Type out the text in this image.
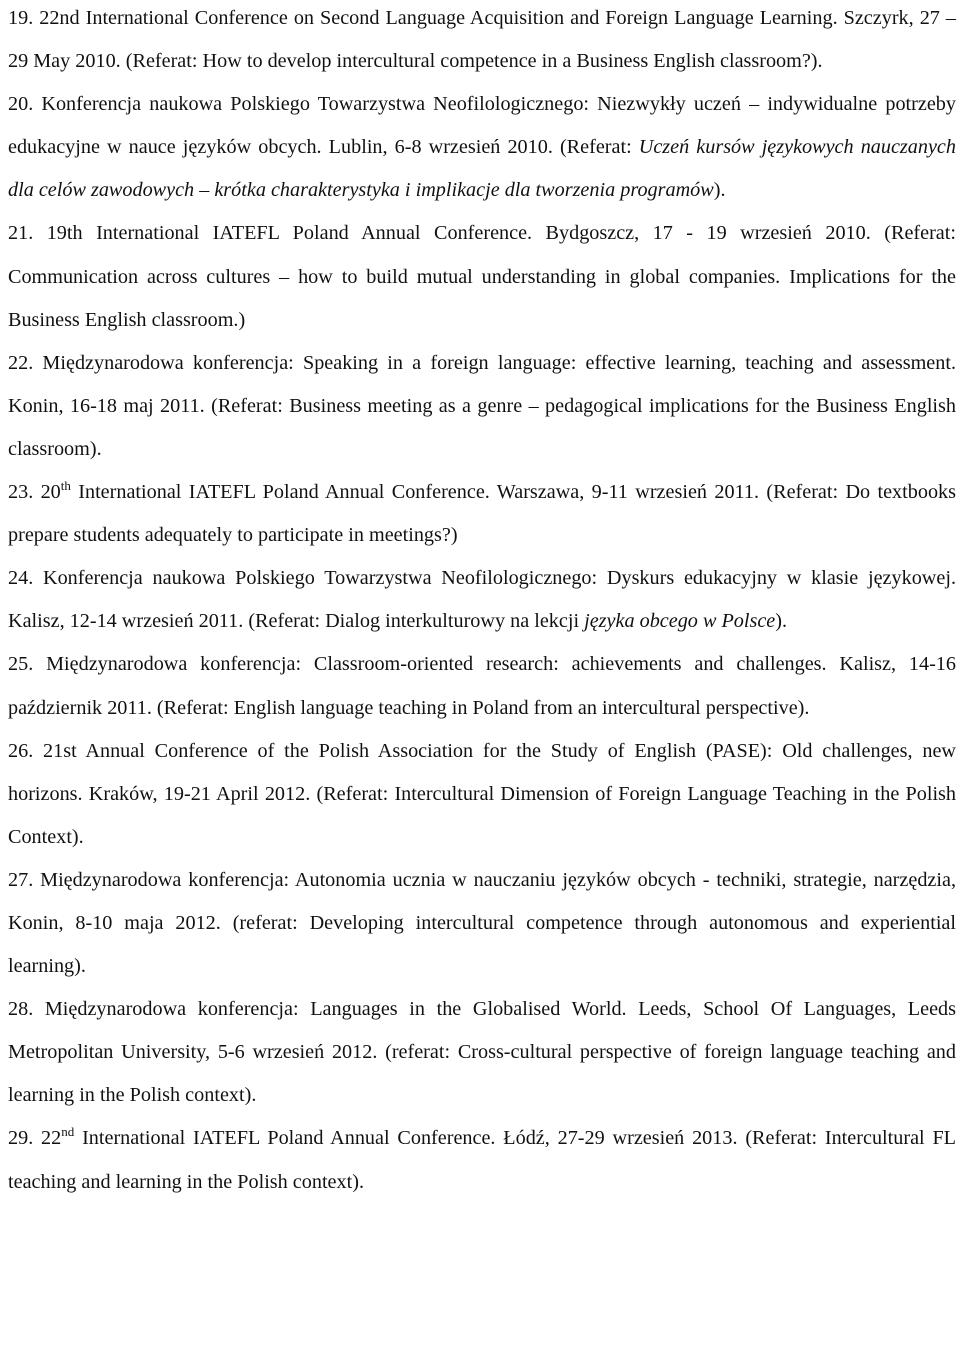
19. 22nd International Conference on Second Language Acquisition and Foreign Language Learning. Szczyrk, 27 – 29 May 2010. (Referat: How to develop intercultural competence in a Business English classroom?).

20. Konferencja naukowa Polskiego Towarzystwa Neofilologicznego: Niezwykły uczeń – indywidualne potrzeby edukacyjne w nauce języków obcych. Lublin, 6-8 wrzesień 2010. (Referat: Uczeń kursów językowych nauczanych dla celów zawodowych – krótka charakterystyka i implikacje dla tworzenia programów).

21. 19th International IATEFL Poland Annual Conference. Bydgoszcz, 17 - 19 wrzesień 2010. (Referat: Communication across cultures – how to build mutual understanding in global companies. Implications for the Business English classroom.)

22. Międzynarodowa konferencja: Speaking in a foreign language: effective learning, teaching and assessment. Konin, 16-18 maj 2011. (Referat: Business meeting as a genre – pedagogical implications for the Business English classroom).

23. 20th International IATEFL Poland Annual Conference. Warszawa, 9-11 wrzesień 2011. (Referat: Do textbooks prepare students adequately to participate in meetings?)

24. Konferencja naukowa Polskiego Towarzystwa Neofilologicznego: Dyskurs edukacyjny w klasie językowej. Kalisz, 12-14 wrzesień 2011. (Referat: Dialog interkulturowy na lekcji języka obcego w Polsce).

25. Międzynarodowa konferencja: Classroom-oriented research: achievements and challenges. Kalisz, 14-16 październik 2011. (Referat: English language teaching in Poland from an intercultural perspective).

26. 21st Annual Conference of the Polish Association for the Study of English (PASE): Old challenges, new horizons. Kraków, 19-21 April 2012. (Referat: Intercultural Dimension of Foreign Language Teaching in the Polish Context).

27. Międzynarodowa konferencja: Autonomia ucznia w nauczaniu języków obcych - techniki, strategie, narzędzia, Konin, 8-10 maja 2012. (referat: Developing intercultural competence through autonomous and experiential learning).

28. Międzynarodowa konferencja: Languages in the Globalised World. Leeds, School Of Languages, Leeds Metropolitan University, 5-6 wrzesień 2012. (referat: Cross-cultural perspective of foreign language teaching and learning in the Polish context).

29. 22nd International IATEFL Poland Annual Conference. Łódź, 27-29 wrzesień 2013. (Referat: Intercultural FL teaching and learning in the Polish context).
